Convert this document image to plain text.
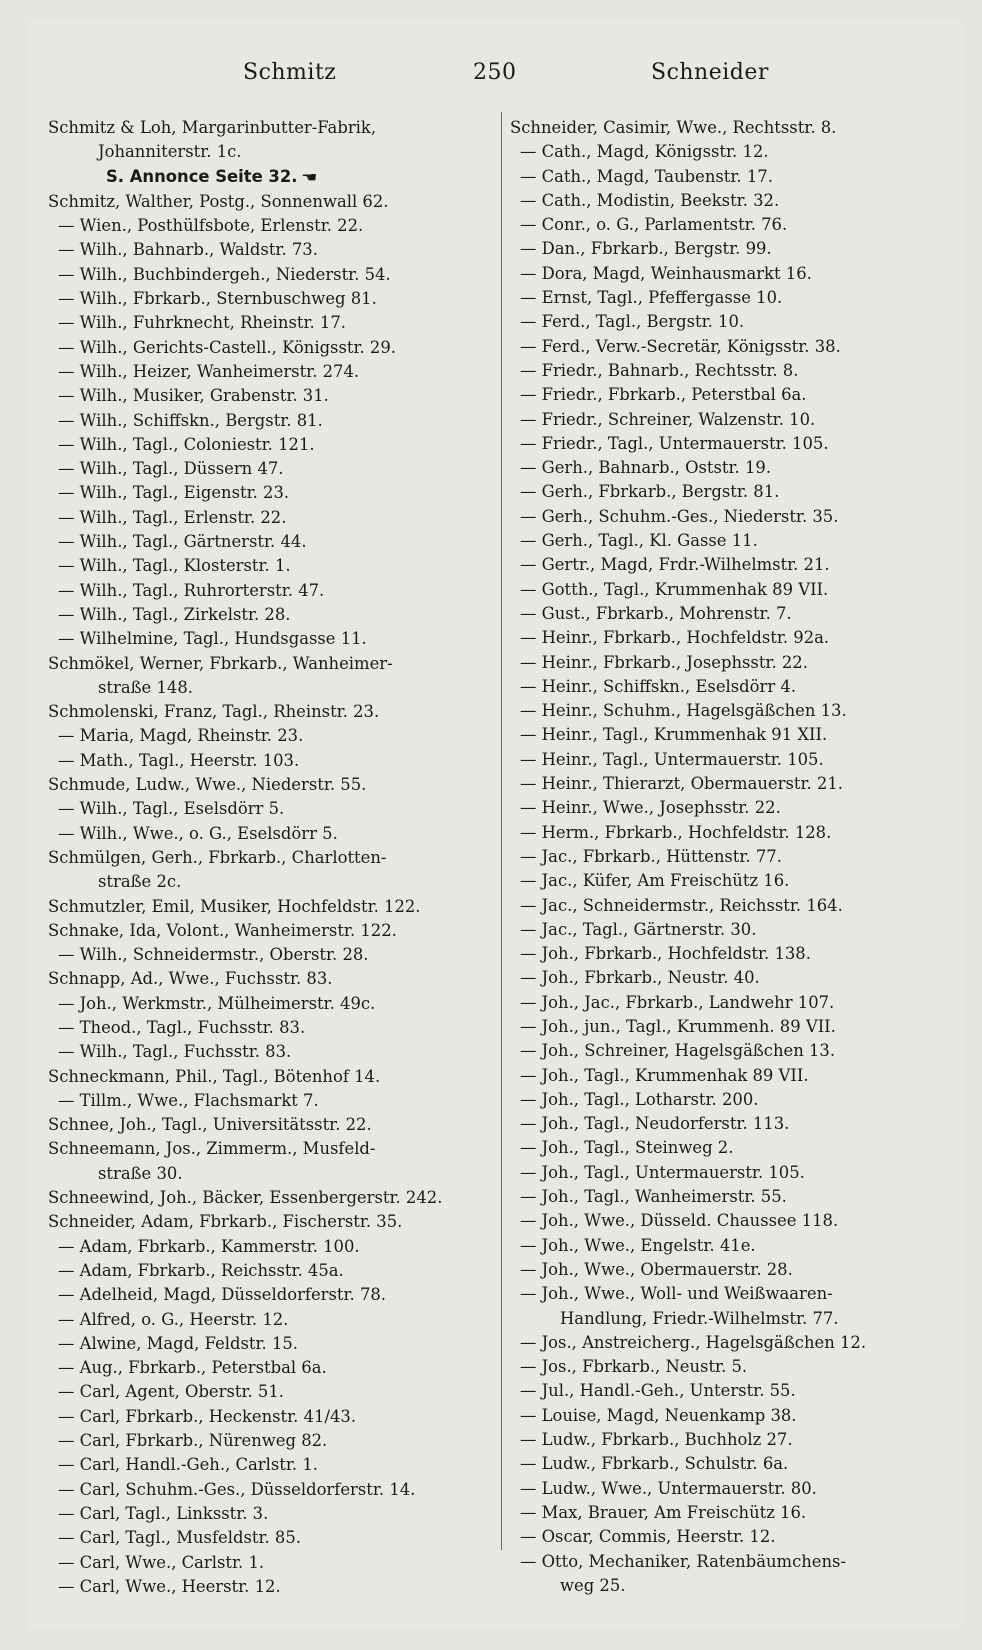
Schmitz	250	Schneider
Schmitz & Loh, Margarinbutter-Fabrik,
Johanniterstr. 1c.
S. Annonce Seite 32. ☚
Schmitz, Walther, Postg., Sonnenwall 62.
— Wien., Posthülfsbote, Erlenstr. 22.
— Wilh., Bahnarb., Waldstr. 73.
— Wilh., Buchbindergeh., Niederstr. 54.
— Wilh., Fbrkarb., Sternbuschweg 81.
— Wilh., Fuhrknecht, Rheinstr. 17.
— Wilh., Gerichts-Castell., Königsstr. 29.
— Wilh., Heizer, Wanheimerstr. 274.
— Wilh., Musiker, Grabenstr. 31.
— Wilh., Schiffskn., Bergstr. 81.
— Wilh., Tagl., Coloniestr. 121.
— Wilh., Tagl., Düssern 47.
— Wilh., Tagl., Eigenstr. 23.
— Wilh., Tagl., Erlenstr. 22.
— Wilh., Tagl., Gärtnerstr. 44.
— Wilh., Tagl., Klosterstr. 1.
— Wilh., Tagl., Ruhrorterstr. 47.
— Wilh., Tagl., Zirkelstr. 28.
— Wilhelmine, Tagl., Hundsgasse 11.
Schmökel, Werner, Fbrkarb., Wanheimer-
straße 148.
Schmolenski, Franz, Tagl., Rheinstr. 23.
— Maria, Magd, Rheinstr. 23.
— Math., Tagl., Heerstr. 103.
Schmude, Ludw., Wwe., Niederstr. 55.
— Wilh., Tagl., Eselsdörr 5.
— Wilh., Wwe., o. G., Eselsdörr 5.
Schmülgen, Gerh., Fbrkarb., Charlotten-
straße 2c.
Schmutzler, Emil, Musiker, Hochfeldstr. 122.
Schnake, Ida, Volont., Wanheimerstr. 122.
— Wilh., Schneidermstr., Oberstr. 28.
Schnapp, Ad., Wwe., Fuchsstr. 83.
— Joh., Werkmstr., Mülheimerstr. 49c.
— Theod., Tagl., Fuchsstr. 83.
— Wilh., Tagl., Fuchsstr. 83.
Schneckmann, Phil., Tagl., Bötenhof 14.
— Tillm., Wwe., Flachsmarkt 7.
Schnee, Joh., Tagl., Universitätsstr. 22.
Schneemann, Jos., Zimmerm., Musfeld-
straße 30.
Schneewind, Joh., Bäcker, Essenbergerstr. 242.
Schneider, Adam, Fbrkarb., Fischerstr. 35.
— Adam, Fbrkarb., Kammerstr. 100.
— Adam, Fbrkarb., Reichsstr. 45a.
— Adelheid, Magd, Düsseldorferstr. 78.
— Alfred, o. G., Heerstr. 12.
— Alwine, Magd, Feldstr. 15.
— Aug., Fbrkarb., Peterstbal 6a.
— Carl, Agent, Oberstr. 51.
— Carl, Fbrkarb., Heckenstr. 41/43.
— Carl, Fbrkarb., Nürenweg 82.
— Carl, Handl.-Geh., Carlstr. 1.
— Carl, Schuhm.-Ges., Düsseldorferstr. 14.
— Carl, Tagl., Linksstr. 3.
— Carl, Tagl., Musfeldstr. 85.
— Carl, Wwe., Carlstr. 1.
— Carl, Wwe., Heerstr. 12.
Schneider, Casimir, Wwe., Rechtsstr. 8.
— Cath., Magd, Königsstr. 12.
— Cath., Magd, Taubenstr. 17.
— Cath., Modistin, Beekstr. 32.
— Conr., o. G., Parlamentstr. 76.
— Dan., Fbrkarb., Bergstr. 99.
— Dora, Magd, Weinhausmarkt 16.
— Ernst, Tagl., Pfeffergasse 10.
— Ferd., Tagl., Bergstr. 10.
— Ferd., Verw.-Secretär, Königsstr. 38.
— Friedr., Bahnarb., Rechtsstr. 8.
— Friedr., Fbrkarb., Peterstbal 6a.
— Friedr., Schreiner, Walzenstr. 10.
— Friedr., Tagl., Untermauerstr. 105.
— Gerh., Bahnarb., Oststr. 19.
— Gerh., Fbrkarb., Bergstr. 81.
— Gerh., Schuhm.-Ges., Niederstr. 35.
— Gerh., Tagl., Kl. Gasse 11.
— Gertr., Magd, Frdr.-Wilhelmstr. 21.
— Gotth., Tagl., Krummenhak 89 VII.
— Gust., Fbrkarb., Mohrenstr. 7.
— Heinr., Fbrkarb., Hochfeldstr. 92a.
— Heinr., Fbrkarb., Josephsstr. 22.
— Heinr., Schiffskn., Eselsdörr 4.
— Heinr., Schuhm., Hagelsgäßchen 13.
— Heinr., Tagl., Krummenhak 91 XII.
— Heinr., Tagl., Untermauerstr. 105.
— Heinr., Thierarzt, Obermauerstr. 21.
— Heinr., Wwe., Josephsstr. 22.
— Herm., Fbrkarb., Hochfeldstr. 128.
— Jac., Fbrkarb., Hüttenstr. 77.
— Jac., Küfer, Am Freischütz 16.
— Jac., Schneidermstr., Reichsstr. 164.
— Jac., Tagl., Gärtnerstr. 30.
— Joh., Fbrkarb., Hochfeldstr. 138.
— Joh., Fbrkarb., Neustr. 40.
— Joh., Jac., Fbrkarb., Landwehr 107.
— Joh., jun., Tagl., Krummenh. 89 VII.
— Joh., Schreiner, Hagelsgäßchen 13.
— Joh., Tagl., Krummenhak 89 VII.
— Joh., Tagl., Lotharstr. 200.
— Joh., Tagl., Neudorferstr. 113.
— Joh., Tagl., Steinweg 2.
— Joh., Tagl., Untermauerstr. 105.
— Joh., Tagl., Wanheimerstr. 55.
— Joh., Wwe., Düsseld. Chaussee 118.
— Joh., Wwe., Engelstr. 41e.
— Joh., Wwe., Obermauerstr. 28.
— Joh., Wwe., Woll- und Weißwaaren-
Handlung, Friedr.-Wilhelmstr. 77.
— Jos., Anstreicherg., Hagelsgäßchen 12.
— Jos., Fbrkarb., Neustr. 5.
— Jul., Handl.-Geh., Unterstr. 55.
— Louise, Magd, Neuenkamp 38.
— Ludw., Fbrkarb., Buchholz 27.
— Ludw., Fbrkarb., Schulstr. 6a.
— Ludw., Wwe., Untermauerstr. 80.
— Max, Brauer, Am Freischütz 16.
— Oscar, Commis, Heerstr. 12.
— Otto, Mechaniker, Ratenbäumchens-
weg 25.
